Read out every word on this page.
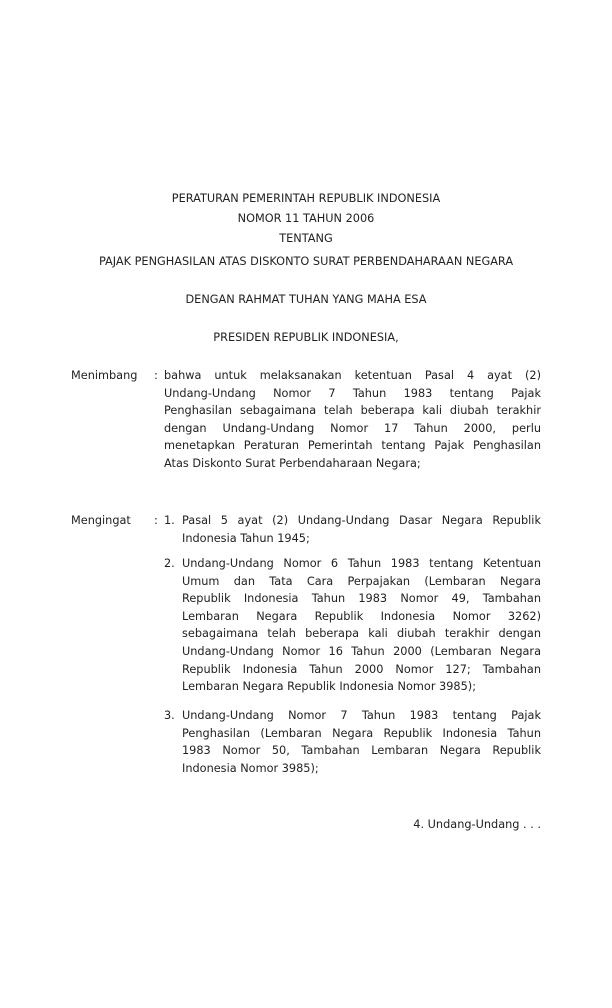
PERATURAN PEMERINTAH REPUBLIK INDONESIA
NOMOR 11 TAHUN 2006
TENTANG
PAJAK PENGHASILAN ATAS DISKONTO SURAT PERBENDAHARAAN NEGARA
DENGAN RAHMAT TUHAN YANG MAHA ESA
PRESIDEN REPUBLIK INDONESIA,
Menimbang : bahwa untuk melaksanakan ketentuan Pasal 4 ayat (2)
Undang-Undang Nomor 7 Tahun 1983 tentang Pajak
Penghasilan sebagaimana telah beberapa kali diubah terakhir
dengan Undang-Undang Nomor 17 Tahun 2000, perlu
menetapkan Peraturan Pemerintah tentang Pajak Penghasilan
Atas Diskonto Surat Perbendaharaan Negara;
Mengingat : 1. Pasal 5 ayat (2) Undang-Undang Dasar Negara Republik
Indonesia Tahun 1945;
2. Undang-Undang Nomor 6 Tahun 1983 tentang Ketentuan
Umum dan Tata Cara Perpajakan (Lembaran Negara
Republik Indonesia Tahun 1983 Nomor 49, Tambahan
Lembaran Negara Republik Indonesia Nomor 3262)
sebagaimana telah beberapa kali diubah terakhir dengan
Undang-Undang Nomor 16 Tahun 2000 (Lembaran Negara
Republik Indonesia Tahun 2000 Nomor 127; Tambahan
Lembaran Negara Republik Indonesia Nomor 3985);
3. Undang-Undang Nomor 7 Tahun 1983 tentang Pajak
Penghasilan (Lembaran Negara Republik Indonesia Tahun
1983 Nomor 50, Tambahan Lembaran Negara Republik
Indonesia Nomor 3985);
4. Undang-Undang . . .
